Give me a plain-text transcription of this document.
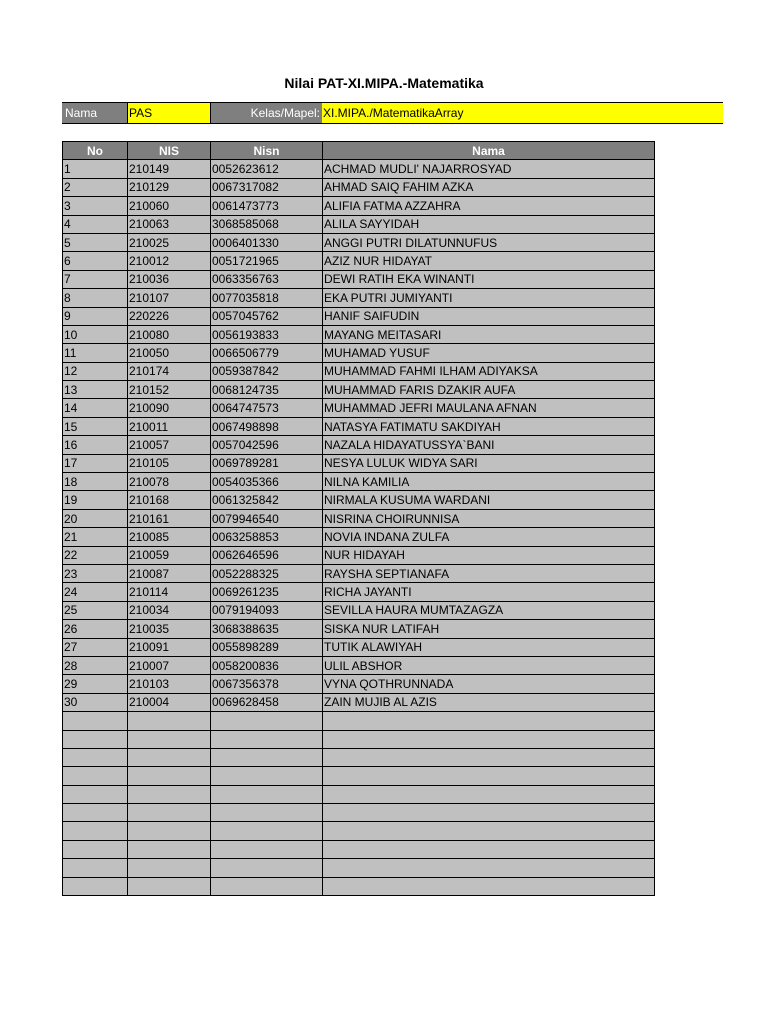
Nilai PAT-XI.MIPA.-Matematika
Nama	PAS	Kelas/Mapel: XI.MIPA./MatematikaArray
No	NIS	Nisn	Nama
1	210149	0052623612	ACHMAD MUDLI' NAJARROSYAD
2	210129	0067317082	AHMAD SAIQ FAHIM AZKA
3	210060	0061473773	ALIFIA FATMA AZZAHRA
4	210063	3068585068	ALILA SAYYIDAH
5	210025	0006401330	ANGGI PUTRI DILATUNNUFUS
6	210012	0051721965	AZIZ NUR HIDAYAT
7	210036	0063356763	DEWI RATIH EKA WINANTI
8	210107	0077035818	EKA PUTRI JUMIYANTI
9	220226	0057045762	HANIF SAIFUDIN
10	210080	0056193833	MAYANG MEITASARI
11	210050	0066506779	MUHAMAD YUSUF
12	210174	0059387842	MUHAMMAD FAHMI ILHAM ADIYAKSA
13	210152	0068124735	MUHAMMAD FARIS DZAKIR AUFA
14	210090	0064747573	MUHAMMAD JEFRI MAULANA AFNAN
15	210011	0067498898	NATASYA FATIMATU SAKDIYAH
16	210057	0057042596	NAZALA HIDAYATUSSYA`BANI
17	210105	0069789281	NESYA LULUK WIDYA SARI
18	210078	0054035366	NILNA KAMILIA
19	210168	0061325842	NIRMALA KUSUMA WARDANI
20	210161	0079946540	NISRINA CHOIRUNNISA
21	210085	0063258853	NOVIA INDANA ZULFA
22	210059	0062646596	NUR HIDAYAH
23	210087	0052288325	RAYSHA SEPTIANAFA
24	210114	0069261235	RICHA JAYANTI
25	210034	0079194093	SEVILLA HAURA MUMTAZAGZA
26	210035	3068388635	SISKA NUR LATIFAH
27	210091	0055898289	TUTIK ALAWIYAH
28	210007	0058200836	ULIL ABSHOR
29	210103	0067356378	VYNA QOTHRUNNADA
30	210004	0069628458	ZAIN MUJIB AL AZIS
